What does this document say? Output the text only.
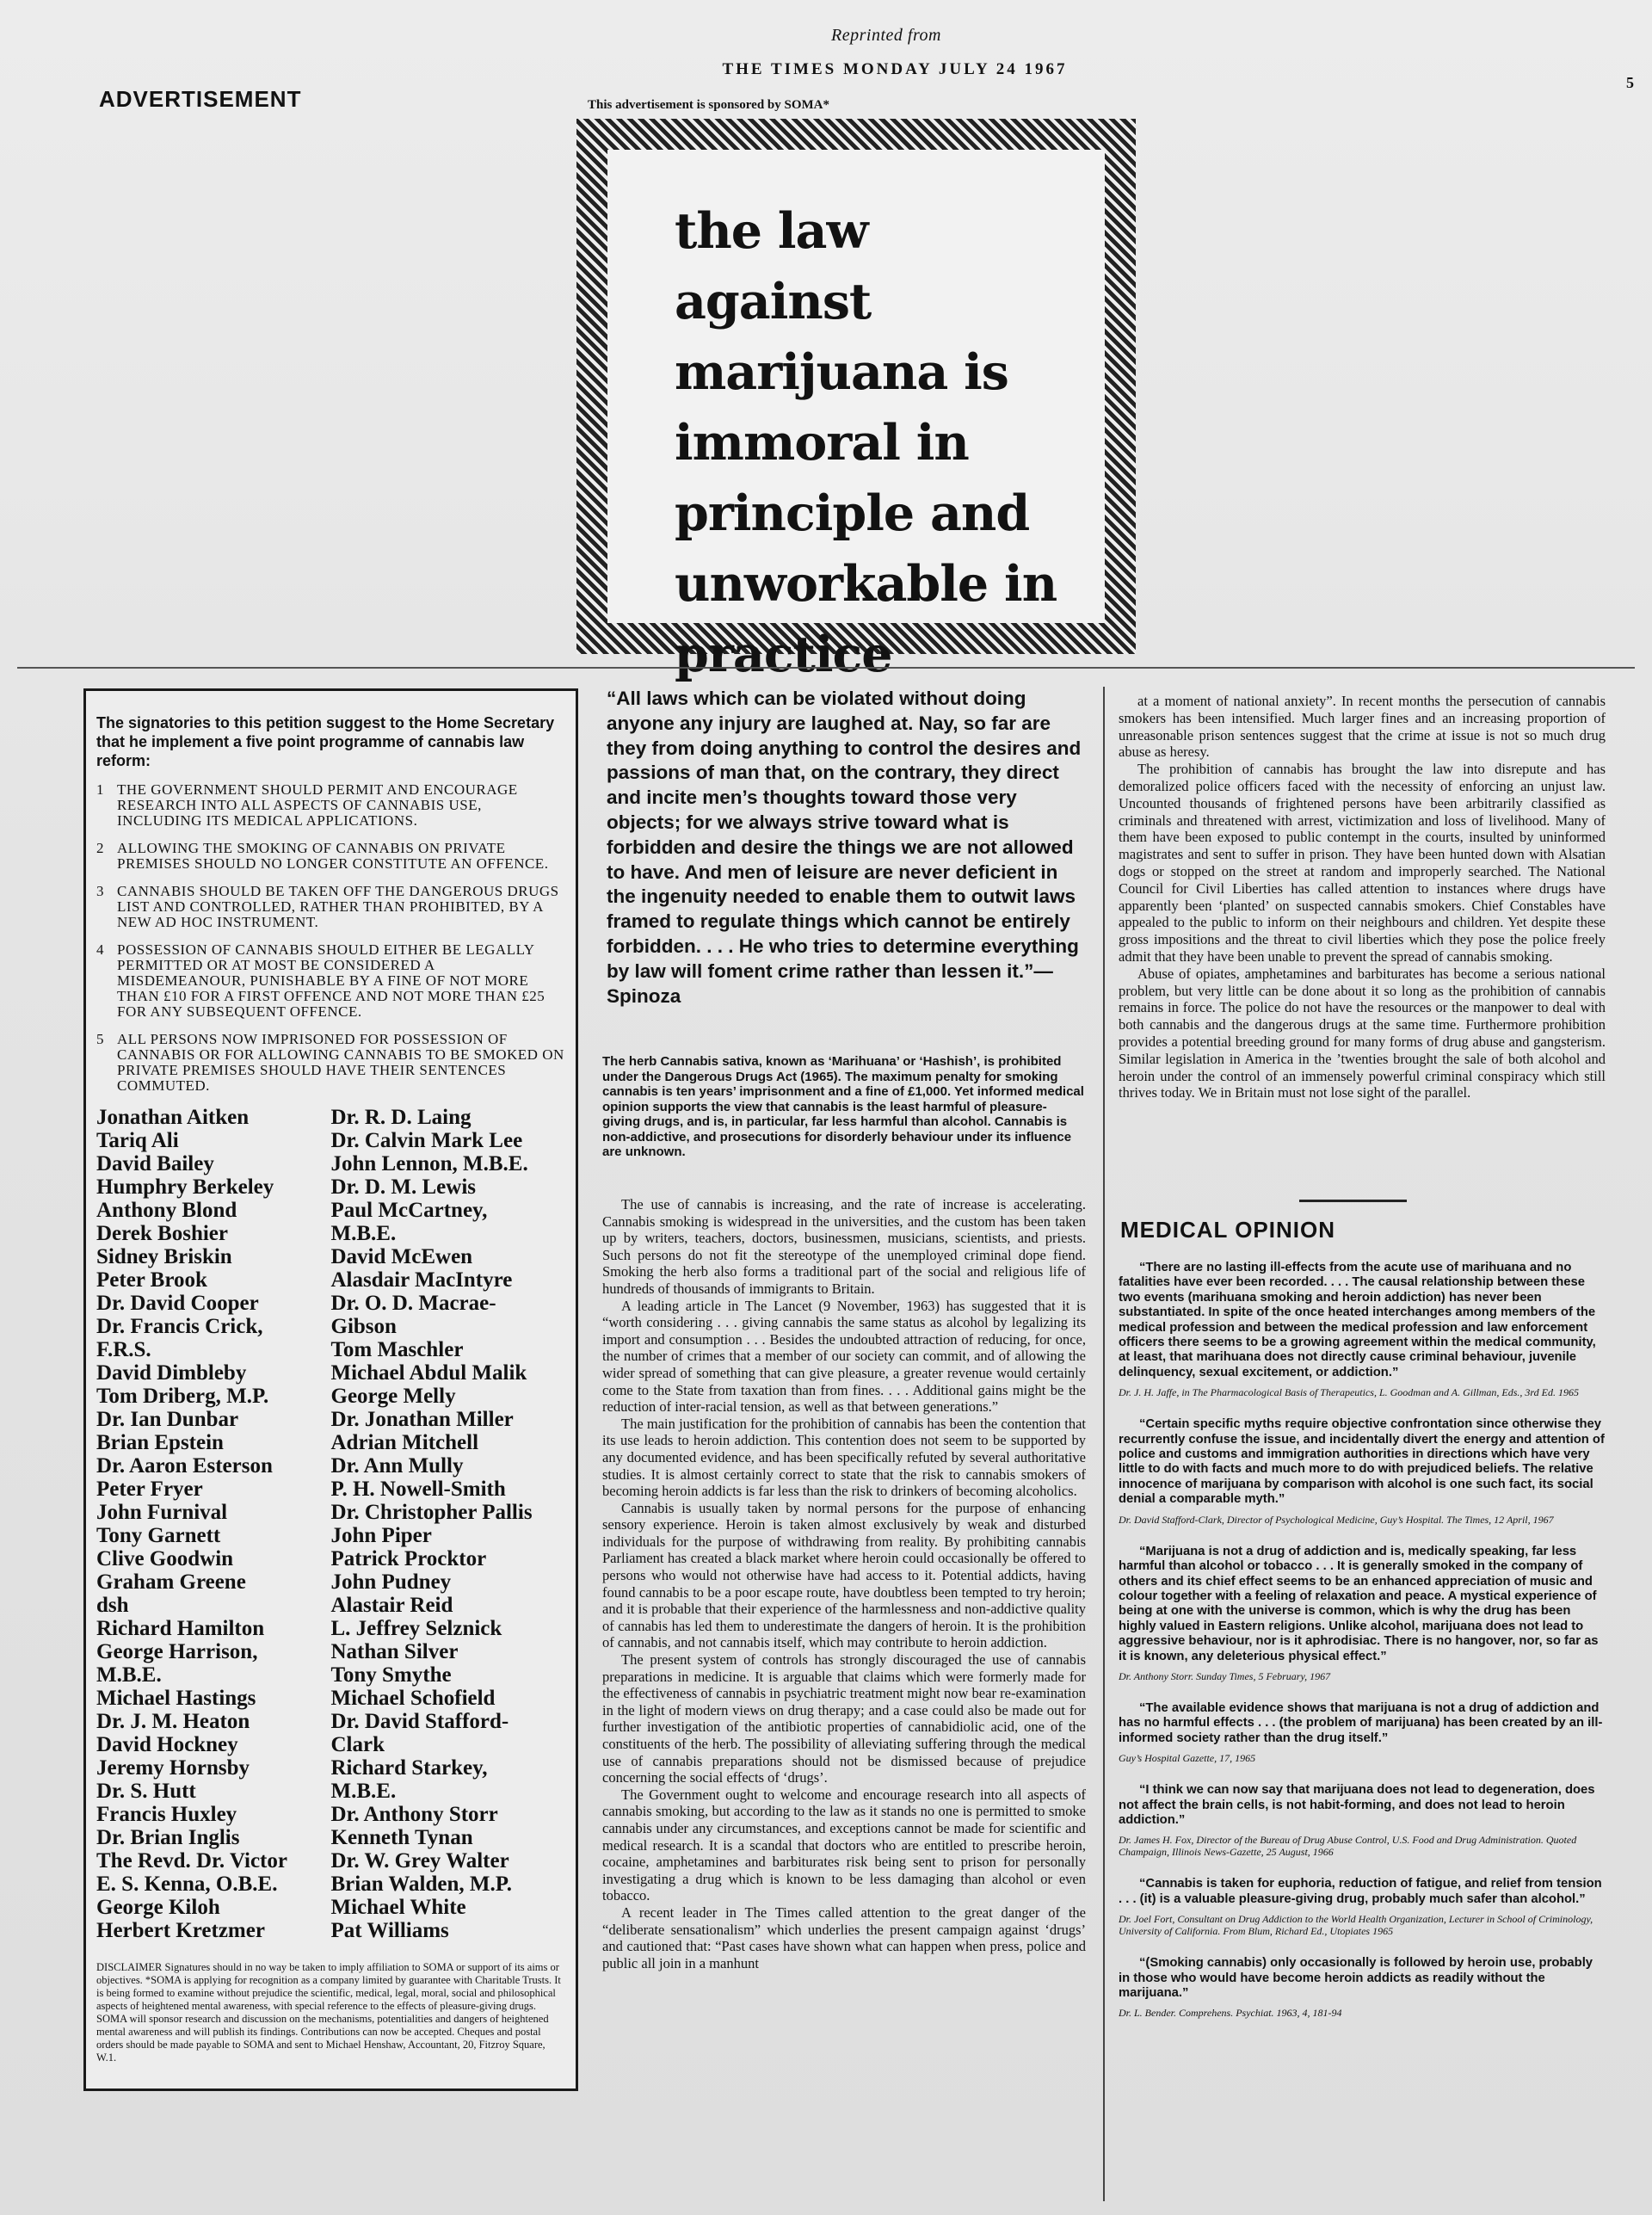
Reprinted from
THE TIMES MONDAY JULY 24 1967
5
ADVERTISEMENT	This advertisement is sponsored by SOMA*
the law against
marijuana is
immoral in
principle and
unworkable in
practice

The signatories to this petition suggest to the Home Secretary that he implement a five point programme of cannabis law reform:

1 THE GOVERNMENT SHOULD PERMIT AND ENCOURAGE RESEARCH INTO ALL ASPECTS OF CANNABIS USE, INCLUDING ITS MEDICAL APPLICATIONS.
2 ALLOWING THE SMOKING OF CANNABIS ON PRIVATE PREMISES SHOULD NO LONGER CONSTITUTE AN OFFENCE.
3 CANNABIS SHOULD BE TAKEN OFF THE DANGEROUS DRUGS LIST AND CONTROLLED, RATHER THAN PROHIBITED, BY A NEW AD HOC INSTRUMENT.
4 POSSESSION OF CANNABIS SHOULD EITHER BE LEGALLY PERMITTED OR AT MOST BE CONSIDERED A MISDEMEANOUR, PUNISHABLE BY A FINE OF NOT MORE THAN £10 FOR A FIRST OFFENCE AND NOT MORE THAN £25 FOR ANY SUBSEQUENT OFFENCE.
5 ALL PERSONS NOW IMPRISONED FOR POSSESSION OF CANNABIS OR FOR ALLOWING CANNABIS TO BE SMOKED ON PRIVATE PREMISES SHOULD HAVE THEIR SENTENCES COMMUTED.
Jonathan Aitken
Tariq Ali
David Bailey
Humphry Berkeley
Anthony Blond
Derek Boshier
Sidney Briskin
Peter Brook
Dr. David Cooper
Dr. Francis Crick,
F.R.S.
David Dimbleby
Tom Driberg, M.P.
Dr. Ian Dunbar
Brian Epstein
Dr. Aaron Esterson
Peter Fryer
John Furnival
Tony Garnett
Clive Goodwin
Graham Greene
dsh
Richard Hamilton
George Harrison,
M.B.E.
Michael Hastings
Dr. J. M. Heaton
David Hockney
Jeremy Hornsby
Dr. S. Hutt
Francis Huxley
Dr. Brian Inglis
The Revd. Dr. Victor
E. S. Kenna, O.B.E.
George Kiloh
Herbert Kretzmer
Dr. R. D. Laing
Dr. Calvin Mark Lee
John Lennon, M.B.E.
Dr. D. M. Lewis
Paul McCartney,
M.B.E.
David McEwen
Alasdair MacIntyre
Dr. O. D. Macrae-
Gibson
Tom Maschler
Michael Abdul Malik
George Melly
Dr. Jonathan Miller
Adrian Mitchell
Dr. Ann Mully
P. H. Nowell-Smith
Dr. Christopher Pallis
John Piper
Patrick Procktor
John Pudney
Alastair Reid
L. Jeffrey Selznick
Nathan Silver
Tony Smythe
Michael Schofield
Dr. David Stafford-
Clark
Richard Starkey,
M.B.E.
Dr. Anthony Storr
Kenneth Tynan
Dr. W. Grey Walter
Brian Walden, M.P.
Michael White
Pat Williams
DISCLAIMER Signatures should in no way be taken to imply affiliation to SOMA or support of its aims or objectives. *SOMA is applying for recognition as a company limited by guarantee with Charitable Trusts. It is being formed to examine without prejudice the scientific, medical, legal, moral, social and philosophical aspects of heightened mental awareness, with special reference to the effects of pleasure-giving drugs. SOMA will sponsor research and discussion on the mechanisms, potentialities and dangers of heightened mental awareness and will publish its findings. Contributions can now be accepted. Cheques and postal orders should be made payable to SOMA and sent to Michael Henshaw, Accountant, 20, Fitzroy Square, W.1.

“All laws which can be violated without doing anyone any injury are laughed at. Nay, so far are they from doing anything to control the desires and passions of man that, on the contrary, they direct and incite men’s thoughts toward those very objects; for we always strive toward what is forbidden and desire the things we are not allowed to have. And men of leisure are never deficient in the ingenuity needed to enable them to outwit laws framed to regulate things which cannot be entirely forbidden. . . . He who tries to determine everything by law will foment crime rather than lessen it.”—Spinoza

The herb Cannabis sativa, known as ‘Marihuana’ or ‘Hashish’, is prohibited under the Dangerous Drugs Act (1965). The maximum penalty for smoking cannabis is ten years’ imprisonment and a fine of £1,000. Yet informed medical opinion supports the view that cannabis is the least harmful of pleasure-giving drugs, and is, in particular, far less harmful than alcohol. Cannabis is non-addictive, and prosecutions for disorderly behaviour under its influence are unknown.

The use of cannabis is increasing, and the rate of increase is accelerating. Cannabis smoking is widespread in the universities, and the custom has been taken up by writers, teachers, doctors, businessmen, musicians, scientists, and priests. Such persons do not fit the stereotype of the unemployed criminal dope fiend. Smoking the herb also forms a traditional part of the social and religious life of hundreds of thousands of immigrants to Britain.

A leading article in The Lancet (9 November, 1963) has suggested that it is “worth considering . . . giving cannabis the same status as alcohol by legalizing its import and consumption . . . Besides the undoubted attraction of reducing, for once, the number of crimes that a member of our society can commit, and of allowing the wider spread of something that can give pleasure, a greater revenue would certainly come to the State from taxation than from fines. . . . Additional gains might be the reduction of inter-racial tension, as well as that between generations.”

The main justification for the prohibition of cannabis has been the contention that its use leads to heroin addiction. This contention does not seem to be supported by any documented evidence, and has been specifically refuted by several authoritative studies. It is almost certainly correct to state that the risk to cannabis smokers of becoming heroin addicts is far less than the risk to drinkers of becoming alcoholics.

Cannabis is usually taken by normal persons for the purpose of enhancing sensory experience. Heroin is taken almost exclusively by weak and disturbed individuals for the purpose of withdrawing from reality. By prohibiting cannabis Parliament has created a black market where heroin could occasionally be offered to persons who would not otherwise have had access to it. Potential addicts, having found cannabis to be a poor escape route, have doubtless been tempted to try heroin; and it is probable that their experience of the harmlessness and non-addictive quality of cannabis has led them to underestimate the dangers of heroin. It is the prohibition of cannabis, and not cannabis itself, which may contribute to heroin addiction.

The present system of controls has strongly discouraged the use of cannabis preparations in medicine. It is arguable that claims which were formerly made for the effectiveness of cannabis in psychiatric treatment might now bear re-examination in the light of modern views on drug therapy; and a case could also be made out for further investigation of the antibiotic properties of cannabidiolic acid, one of the constituents of the herb. The possibility of alleviating suffering through the medical use of cannabis preparations should not be dismissed because of prejudice concerning the social effects of ‘drugs’.

The Government ought to welcome and encourage research into all aspects of cannabis smoking, but according to the law as it stands no one is permitted to smoke cannabis under any circumstances, and exceptions cannot be made for scientific and medical research. It is a scandal that doctors who are entitled to prescribe heroin, cocaine, amphetamines and barbiturates risk being sent to prison for personally investigating a drug which is known to be less damaging than alcohol or even tobacco.

A recent leader in The Times called attention to the great danger of the “deliberate sensationalism” which underlies the present campaign against ‘drugs’ and cautioned that: “Past cases have shown what can happen when press, police and public all join in a manhunt

at a moment of national anxiety”. In recent months the persecution of cannabis smokers has been intensified. Much larger fines and an increasing proportion of unreasonable prison sentences suggest that the crime at issue is not so much drug abuse as heresy.

The prohibition of cannabis has brought the law into disrepute and has demoralized police officers faced with the necessity of enforcing an unjust law. Uncounted thousands of frightened persons have been arbitrarily classified as criminals and threatened with arrest, victimization and loss of livelihood. Many of them have been exposed to public contempt in the courts, insulted by uninformed magistrates and sent to suffer in prison. They have been hunted down with Alsatian dogs or stopped on the street at random and improperly searched. The National Council for Civil Liberties has called attention to instances where drugs have apparently been ‘planted’ on suspected cannabis smokers. Chief Constables have appealed to the public to inform on their neighbours and children. Yet despite these gross impositions and the threat to civil liberties which they pose the police freely admit that they have been unable to prevent the spread of cannabis smoking.

Abuse of opiates, amphetamines and barbiturates has become a serious national problem, but very little can be done about it so long as the prohibition of cannabis remains in force. The police do not have the resources or the manpower to deal with both cannabis and the dangerous drugs at the same time. Furthermore prohibition provides a potential breeding ground for many forms of drug abuse and gangsterism. Similar legislation in America in the ’twenties brought the sale of both alcohol and heroin under the control of an immensely powerful criminal conspiracy which still thrives today. We in Britain must not lose sight of the parallel.

MEDICAL OPINION

“There are no lasting ill-effects from the acute use of marihuana and no fatalities have ever been recorded. . . . The causal relationship between these two events (marihuana smoking and heroin addiction) has never been substantiated. In spite of the once heated interchanges among members of the medical profession and between the medical profession and law enforcement officers there seems to be a growing agreement within the medical community, at least, that marihuana does not directly cause criminal behaviour, juvenile delinquency, sexual excitement, or addiction.”

Dr. J. H. Jaffe, in The Pharmacological Basis of Therapeutics, L. Goodman and A. Gillman, Eds., 3rd Ed. 1965

“Certain specific myths require objective confrontation since otherwise they recurrently confuse the issue, and incidentally divert the energy and attention of police and customs and immigration authorities in directions which have very little to do with facts and much more to do with prejudiced beliefs. The relative innocence of marijuana by comparison with alcohol is one such fact, its social denial a comparable myth.”

Dr. David Stafford-Clark, Director of Psychological Medicine, Guy’s Hospital. The Times, 12 April, 1967

“Marijuana is not a drug of addiction and is, medically speaking, far less harmful than alcohol or tobacco . . . It is generally smoked in the company of others and its chief effect seems to be an enhanced appreciation of music and colour together with a feeling of relaxation and peace. A mystical experience of being at one with the universe is common, which is why the drug has been highly valued in Eastern religions. Unlike alcohol, marijuana does not lead to aggressive behaviour, nor is it aphrodisiac. There is no hangover, nor, so far as it is known, any deleterious physical effect.”

Dr. Anthony Storr. Sunday Times, 5 February, 1967

“The available evidence shows that marijuana is not a drug of addiction and has no harmful effects . . . (the problem of marijuana) has been created by an ill-informed society rather than the drug itself.”

Guy’s Hospital Gazette, 17, 1965

“I think we can now say that marijuana does not lead to degeneration, does not affect the brain cells, is not habit-forming, and does not lead to heroin addiction.”

Dr. James H. Fox, Director of the Bureau of Drug Abuse Control, U.S. Food and Drug Administration. Quoted Champaign, Illinois News-Gazette, 25 August, 1966

“Cannabis is taken for euphoria, reduction of fatigue, and relief from tension . . . (it) is a valuable pleasure-giving drug, probably much safer than alcohol.”

Dr. Joel Fort, Consultant on Drug Addiction to the World Health Organization, Lecturer in School of Criminology, University of California. From Blum, Richard Ed., Utopiates 1965

“(Smoking cannabis) only occasionally is followed by heroin use, probably in those who would have become heroin addicts as readily without the marijuana.”

Dr. L. Bender. Comprehens. Psychiat. 1963, 4, 181-94
